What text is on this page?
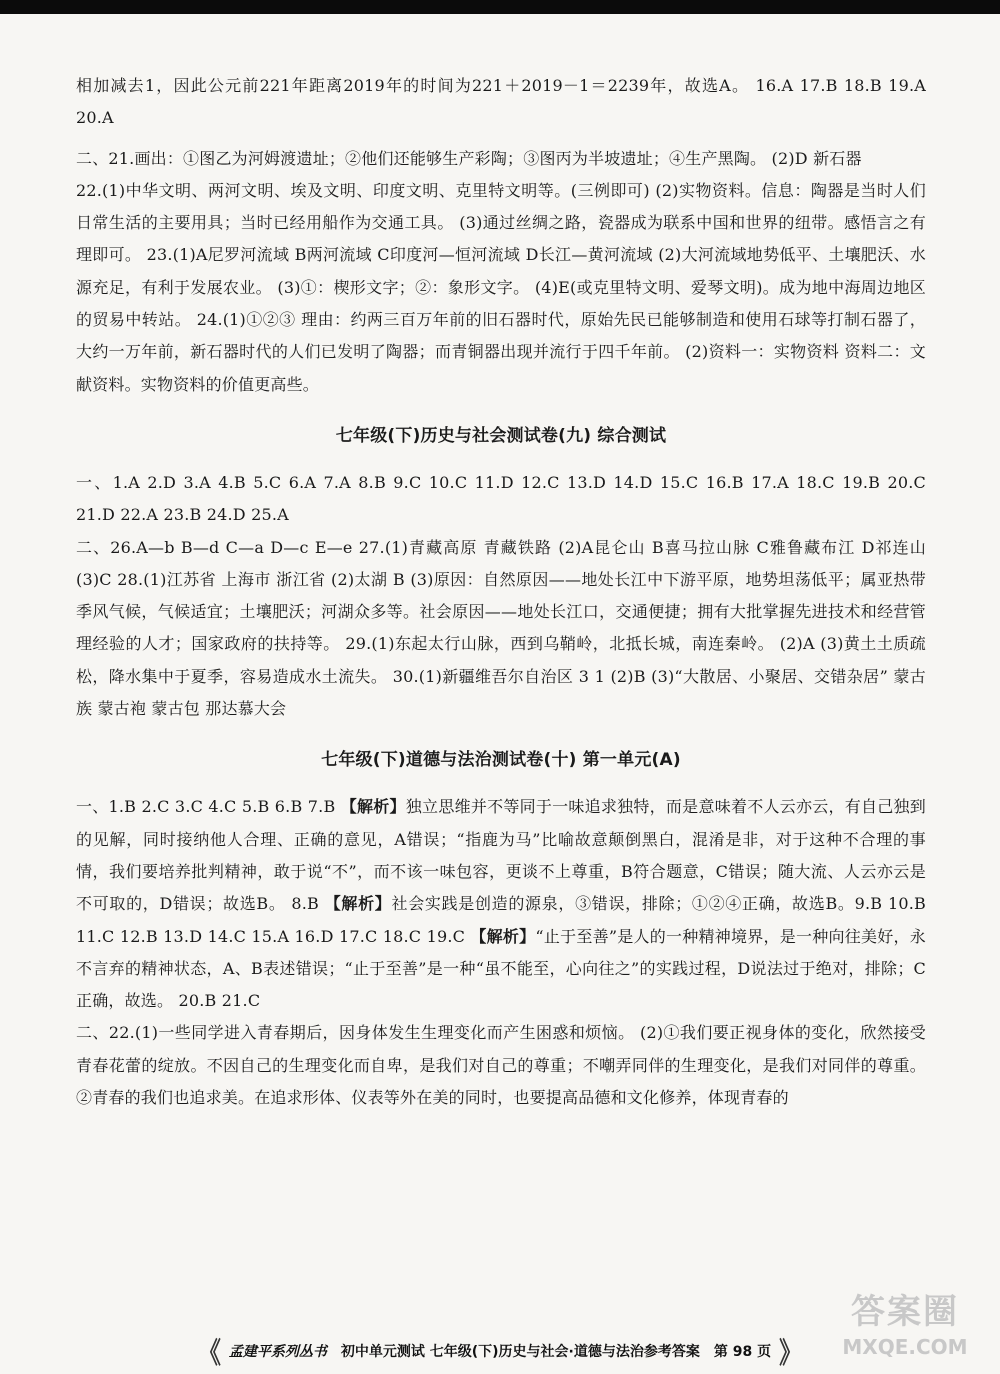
相加减去1，因此公元前221年距离2019年的时间为221＋2019－1＝2239年，故选A。 16.A 17.B 18.B 19.A 20.A

二、21.画出：①图乙为河姆渡遗址；②他们还能够生产彩陶；③图丙为半坡遗址；④生产黑陶。 (2)D 新石器

22.(1)中华文明、两河文明、埃及文明、印度文明、克里特文明等。(三例即可) (2)实物资料。信息：陶器是当时人们日常生活的主要用具；当时已经用船作为交通工具。 (3)通过丝绸之路，瓷器成为联系中国和世界的纽带。感悟言之有理即可。 23.(1)A尼罗河流域 B两河流域 C印度河—恒河流域 D长江—黄河流域 (2)大河流域地势低平、土壤肥沃、水源充足，有利于发展农业。 (3)①：楔形文字；②：象形文字。 (4)E(或克里特文明、爱琴文明)。成为地中海周边地区的贸易中转站。 24.(1)①②③ 理由：约两三百万年前的旧石器时代，原始先民已能够制造和使用石球等打制石器了，大约一万年前，新石器时代的人们已发明了陶器；而青铜器出现并流行于四千年前。 (2)资料一：实物资料 资料二：文献资料。实物资料的价值更高些。

七年级(下)历史与社会测试卷(九) 综合测试

一、1.A 2.D 3.A 4.B 5.C 6.A 7.A 8.B 9.C 10.C 11.D 12.C 13.D 14.D 15.C 16.B 17.A 18.C 19.B 20.C 21.D 22.A 23.B 24.D 25.A

二、26.A—b B—d C—a D—c E—e 27.(1)青藏高原 青藏铁路 (2)A昆仑山 B喜马拉山脉 C雅鲁藏布江 D祁连山 (3)C 28.(1)江苏省 上海市 浙江省 (2)太湖 B (3)原因：自然原因——地处长江中下游平原，地势坦荡低平；属亚热带季风气候，气候适宜；土壤肥沃；河湖众多等。社会原因——地处长江口，交通便捷；拥有大批掌握先进技术和经营管理经验的人才；国家政府的扶持等。 29.(1)东起太行山脉，西到乌鞘岭，北抵长城，南连秦岭。 (2)A (3)黄土土质疏松，降水集中于夏季，容易造成水土流失。 30.(1)新疆维吾尔自治区 3 1 (2)B (3)“大散居、小聚居、交错杂居” 蒙古族 蒙古袍 蒙古包 那达慕大会

七年级(下)道德与法治测试卷(十) 第一单元(A)

一、1.B 2.C 3.C 4.C 5.B 6.B 7.B 【解析】独立思维并不等同于一味追求独特，而是意味着不人云亦云，有自己独到的见解，同时接纳他人合理、正确的意见，A错误；“指鹿为马”比喻故意颠倒黑白，混淆是非，对于这种不合理的事情，我们要培养批判精神，敢于说“不”，而不该一味包容，更谈不上尊重，B符合题意，C错误；随大流、人云亦云是不可取的，D错误；故选B。 8.B 【解析】社会实践是创造的源泉，③错误，排除；①②④正确，故选B。9.B 10.B 11.C 12.B 13.D 14.C 15.A 16.D 17.C 18.C 19.C 【解析】“止于至善”是人的一种精神境界，是一种向往美好，永不言弃的精神状态，A、B表述错误；“止于至善”是一种“虽不能至，心向往之”的实践过程，D说法过于绝对，排除；C正确，故选。 20.B 21.C

二、22.(1)一些同学进入青春期后，因身体发生生理变化而产生困惑和烦恼。 (2)①我们要正视身体的变化，欣然接受青春花蕾的绽放。不因自己的生理变化而自卑，是我们对自己的尊重；不嘲弄同伴的生理变化，是我们对同伴的尊重。②青春的我们也追求美。在追求形体、仪表等外在美的同时，也要提高品德和文化修养，体现青春的

《 孟建平系列丛书 初中单元测试 七年级(下)历史与社会·道德与法治参考答案 第 98 页 》
答案圈
MXQE.COM
